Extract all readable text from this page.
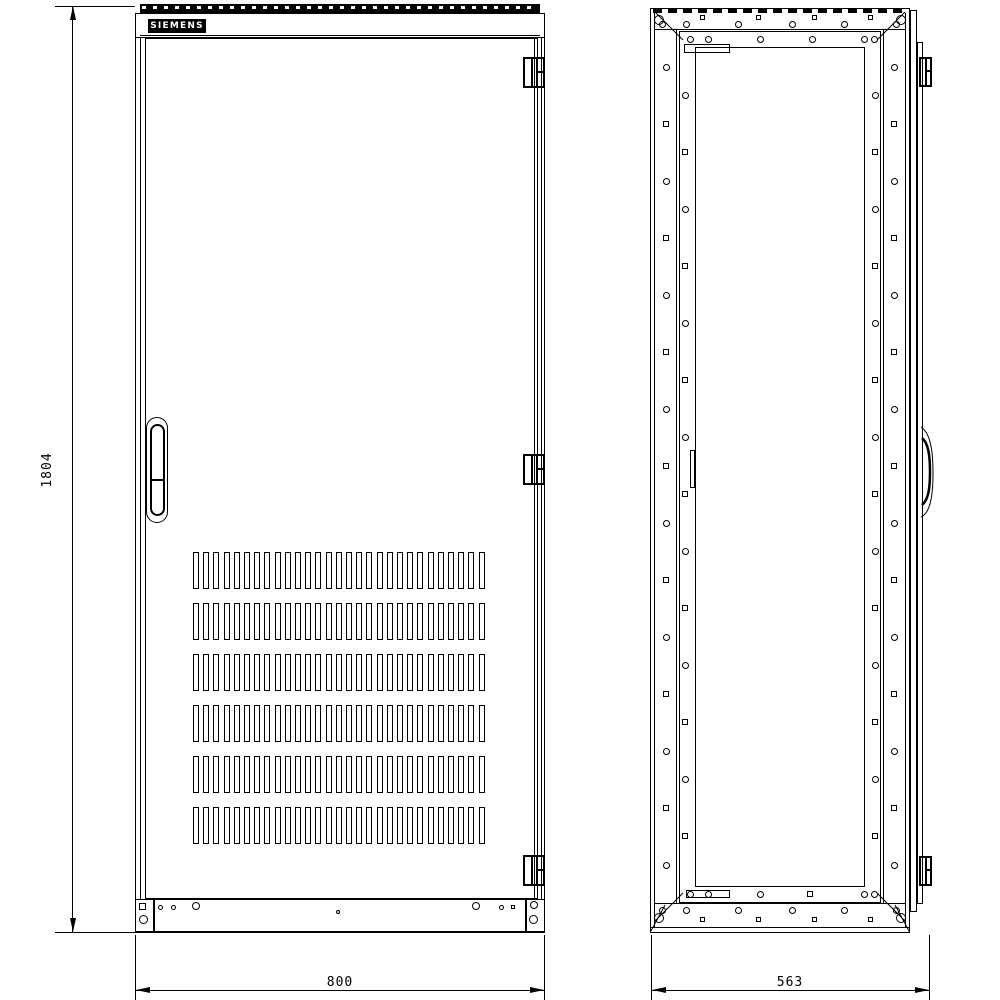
SIEMENS
1804
800	563
